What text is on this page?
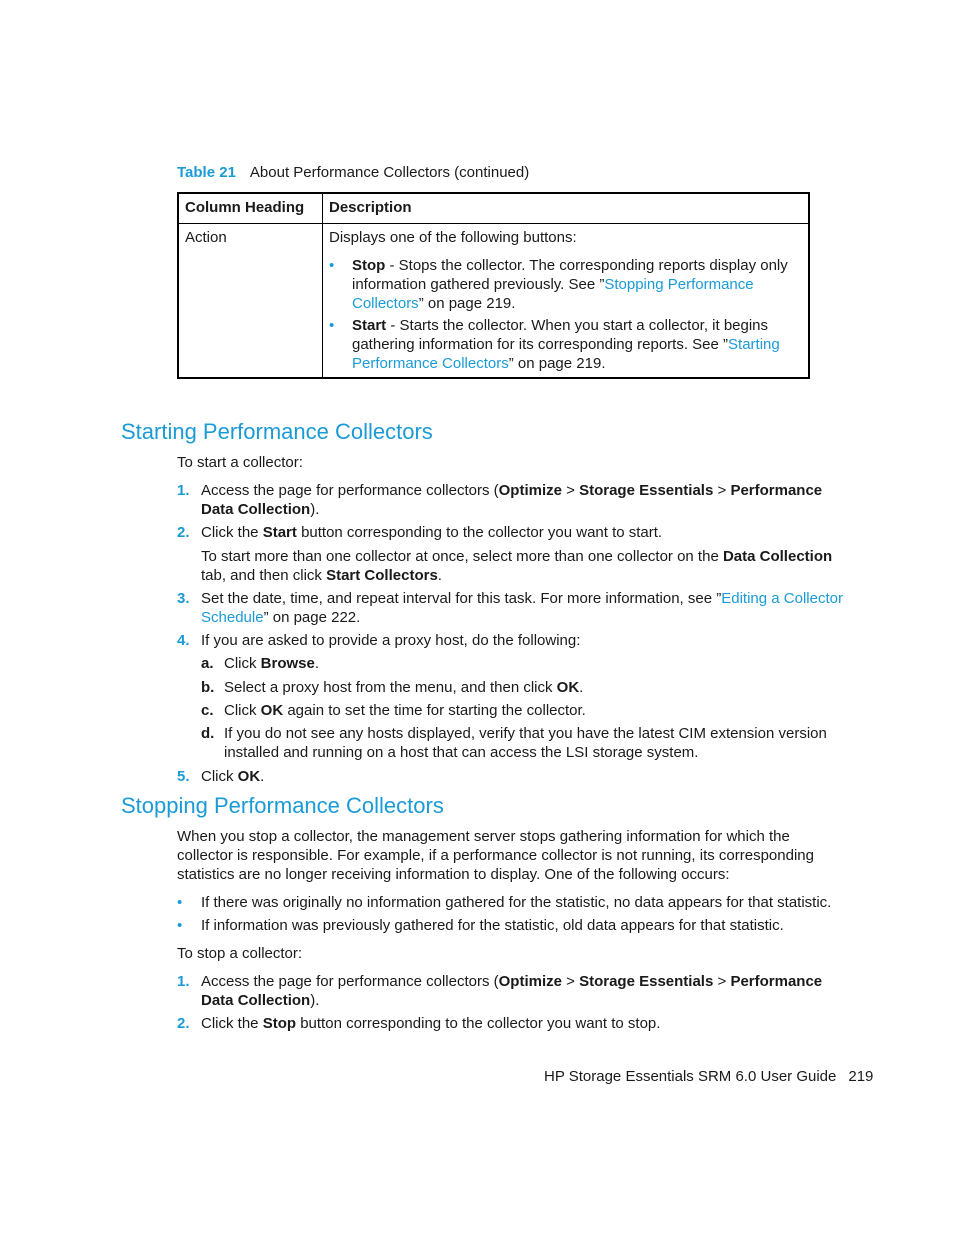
Table 21 About Performance Collectors (continued)
Column Heading Description
Action	Displays one of the following buttons:
• Stop - Stops the collector. The corresponding reports display only information gathered previously. See ”Stopping Performance Collectors” on page 219.
• Start - Starts the collector. When you start a collector, it begins gathering information for its corresponding reports. See ”Starting Performance Collectors” on page 219.
Starting Performance Collectors
To start a collector:
1. Access the page for performance collectors (Optimize > Storage Essentials > Performance Data Collection).
2. Click the Start button corresponding to the collector you want to start.
To start more than one collector at once, select more than one collector on the Data Collection tab, and then click Start Collectors.
3. Set the date, time, and repeat interval for this task. For more information, see ”Editing a Collector Schedule” on page 222.
4. If you are asked to provide a proxy host, do the following:
a. Click Browse.
b. Select a proxy host from the menu, and then click OK.
c. Click OK again to set the time for starting the collector.
d. If you do not see any hosts displayed, verify that you have the latest CIM extension version installed and running on a host that can access the LSI storage system.
5. Click OK.
Stopping Performance Collectors
When you stop a collector, the management server stops gathering information for which the collector is responsible. For example, if a performance collector is not running, its corresponding statistics are no longer receiving information to display. One of the following occurs:
• If there was originally no information gathered for the statistic, no data appears for that statistic.
• If information was previously gathered for the statistic, old data appears for that statistic.
To stop a collector:
1. Access the page for performance collectors (Optimize > Storage Essentials > Performance Data Collection).
2. Click the Stop button corresponding to the collector you want to stop.
HP Storage Essentials SRM 6.0 User Guide 219
